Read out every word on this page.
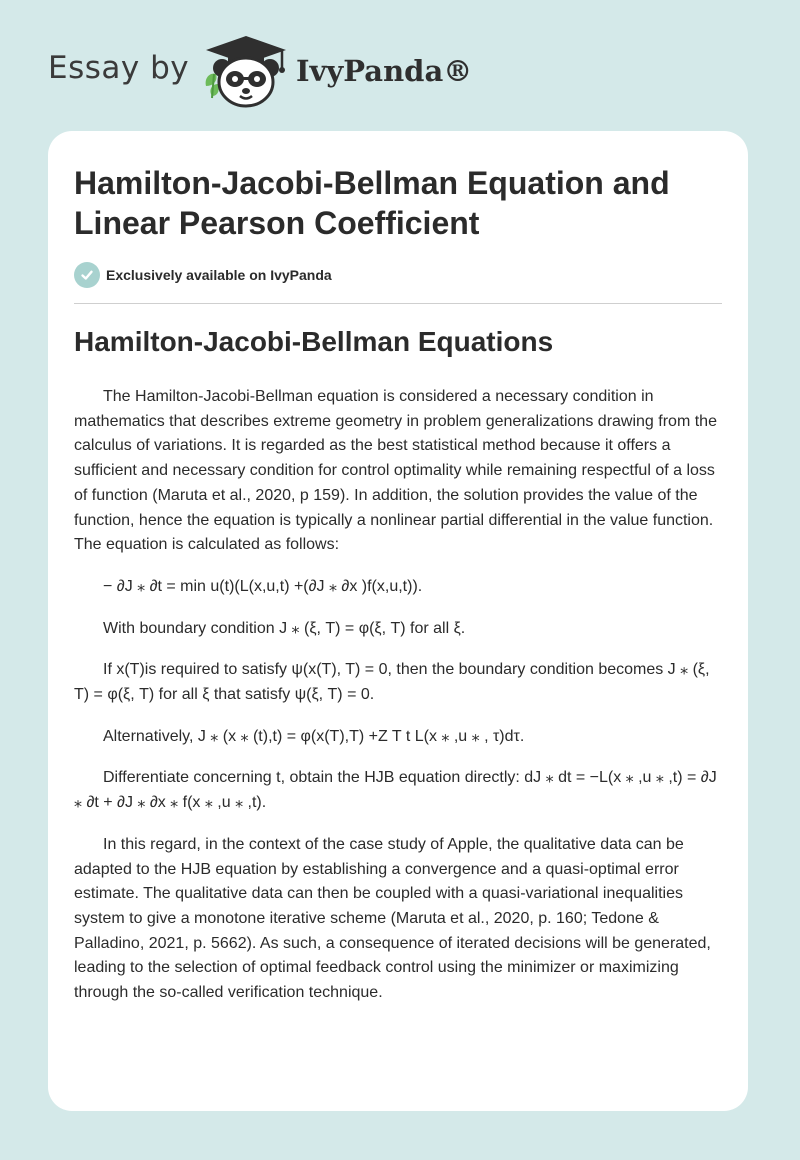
Essay by	IvyPanda®
Hamilton-Jacobi-Bellman Equation and Linear Pearson Coefficient
Exclusively available on IvyPanda
Hamilton-Jacobi-Bellman Equations

The Hamilton-Jacobi-Bellman equation is considered a necessary condition in mathematics that describes extreme geometry in problem generalizations drawing from the calculus of variations. It is regarded as the best statistical method because it offers a sufficient and necessary condition for control optimality while remaining respectful of a loss of function (Maruta et al., 2020, p 159). In addition, the solution provides the value of the function, hence the equation is typically a nonlinear partial differential in the value function. The equation is calculated as follows:

− ∂J ⁎ ∂t = min u(t)(L(x,u,t) +(∂J ⁎ ∂x )f(x,u,t)).

With boundary condition J ⁎ (ξ, T) = φ(ξ, T) for all ξ.

If x(T)is required to satisfy ψ(x(T), T) = 0, then the boundary condition becomes J ⁎ (ξ, T) = φ(ξ, T) for all ξ that satisfy ψ(ξ, T) = 0.

Alternatively, J ⁎ (x ⁎ (t),t) = φ(x(T),T) +Z T t L(x ⁎ ,u ⁎ , τ)dτ.

Differentiate concerning t, obtain the HJB equation directly: dJ ⁎ dt = −L(x ⁎ ,u ⁎ ,t) = ∂J ⁎ ∂t + ∂J ⁎ ∂x ⁎ f(x ⁎ ,u ⁎ ,t).

In this regard, in the context of the case study of Apple, the qualitative data can be adapted to the HJB equation by establishing a convergence and a quasi-optimal error estimate. The qualitative data can then be coupled with a quasi-variational inequalities system to give a monotone iterative scheme (Maruta et al., 2020, p. 160; Tedone & Palladino, 2021, p. 5662). As such, a consequence of iterated decisions will be generated, leading to the selection of optimal feedback control using the minimizer or maximizing through the so-called verification technique.
